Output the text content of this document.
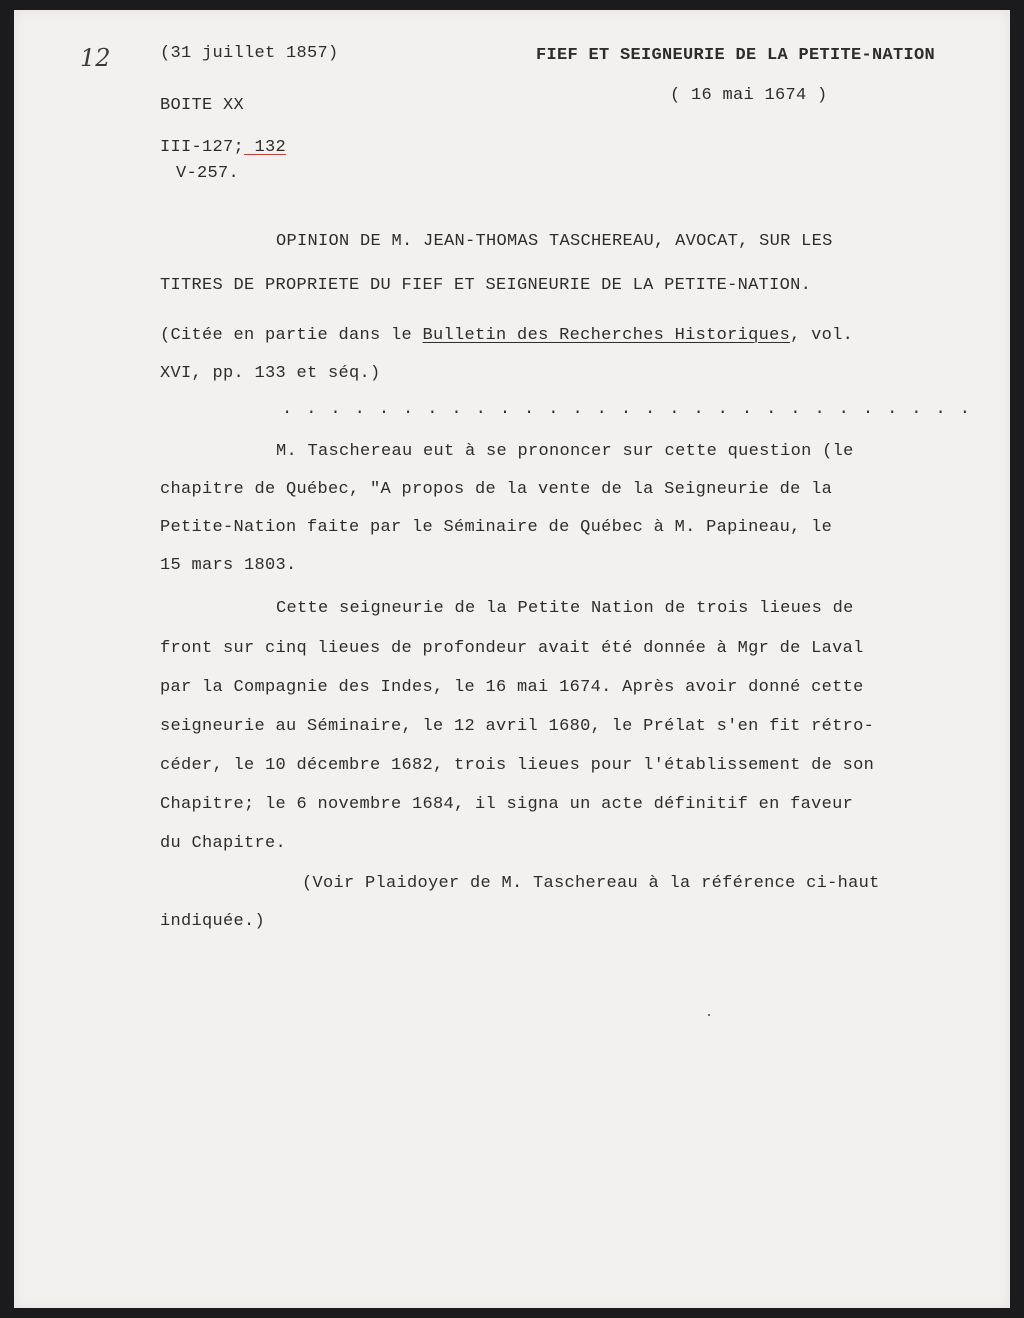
12	(31 juillet 1857)	FIEF ET SEIGNEURIE DE LA PETITE-NATION
( 16 mai 1674 )
BOITE XX
III-127; 132
V-257.
OPINION DE M. JEAN-THOMAS TASCHEREAU, AVOCAT, SUR LES
TITRES DE PROPRIETE DU FIEF ET SEIGNEURIE DE LA PETITE-NATION.
(Citée en partie dans le Bulletin des Recherches Historiques, vol.
XVI, pp. 133 et séq.)
. . . . . . . . . . . . . . . . . . . . . . . . . . . . .
M. Taschereau eut à se prononcer sur cette question (le
chapitre de Québec, "A propos de la vente de la Seigneurie de la
Petite-Nation faite par le Séminaire de Québec à M. Papineau, le
15 mars 1803.
Cette seigneurie de la Petite Nation de trois lieues de
front sur cinq lieues de profondeur avait été donnée à Mgr de Laval
par la Compagnie des Indes, le 16 mai 1674. Après avoir donné cette
seigneurie au Séminaire, le 12 avril 1680, le Prélat s'en fit rétro-
céder, le 10 décembre 1682, trois lieues pour l'établissement de son
Chapitre; le 6 novembre 1684, il signa un acte définitif en faveur
du Chapitre.
(Voir Plaidoyer de M. Taschereau à la référence ci-haut
indiquée.)
